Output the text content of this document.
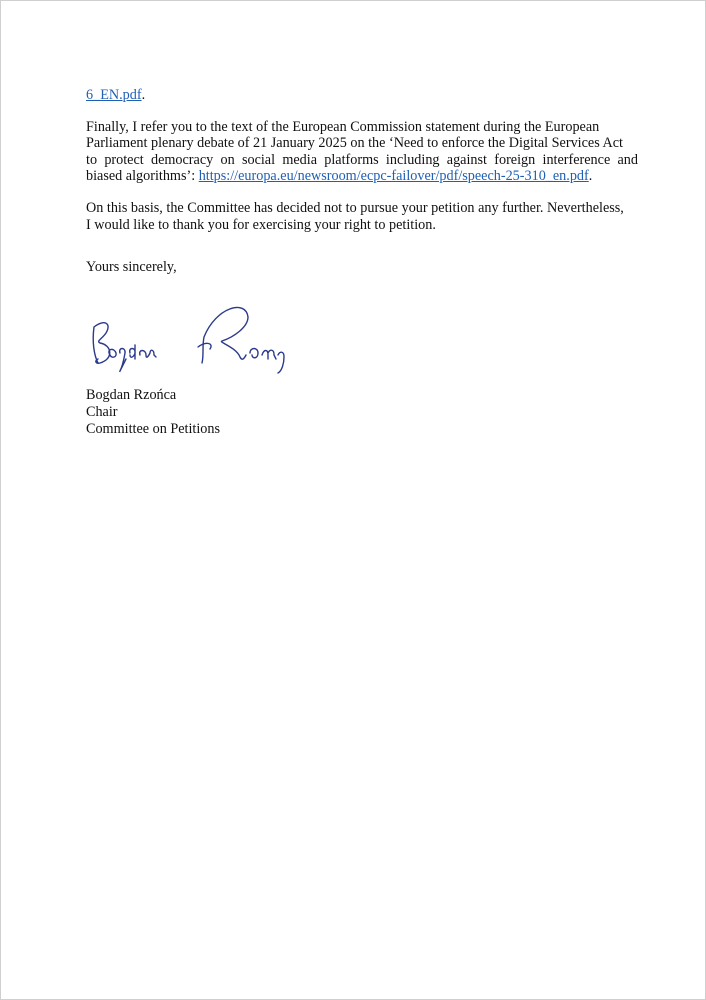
6_EN.pdf.

Finally, I refer you to the text of the European Commission statement during the European
Parliament plenary debate of 21 January 2025 on the ‘Need to enforce the Digital Services Act
to protect democracy on social media platforms including against foreign interference and
biased algorithms’: https://europa.eu/newsroom/ecpc-failover/pdf/speech-25-310_en.pdf.

On this basis, the Committee has decided not to pursue your petition any further. Nevertheless,
I would like to thank you for exercising your right to petition.

Yours sincerely,

Bogdan Rzońca
Chair
Committee on Petitions
